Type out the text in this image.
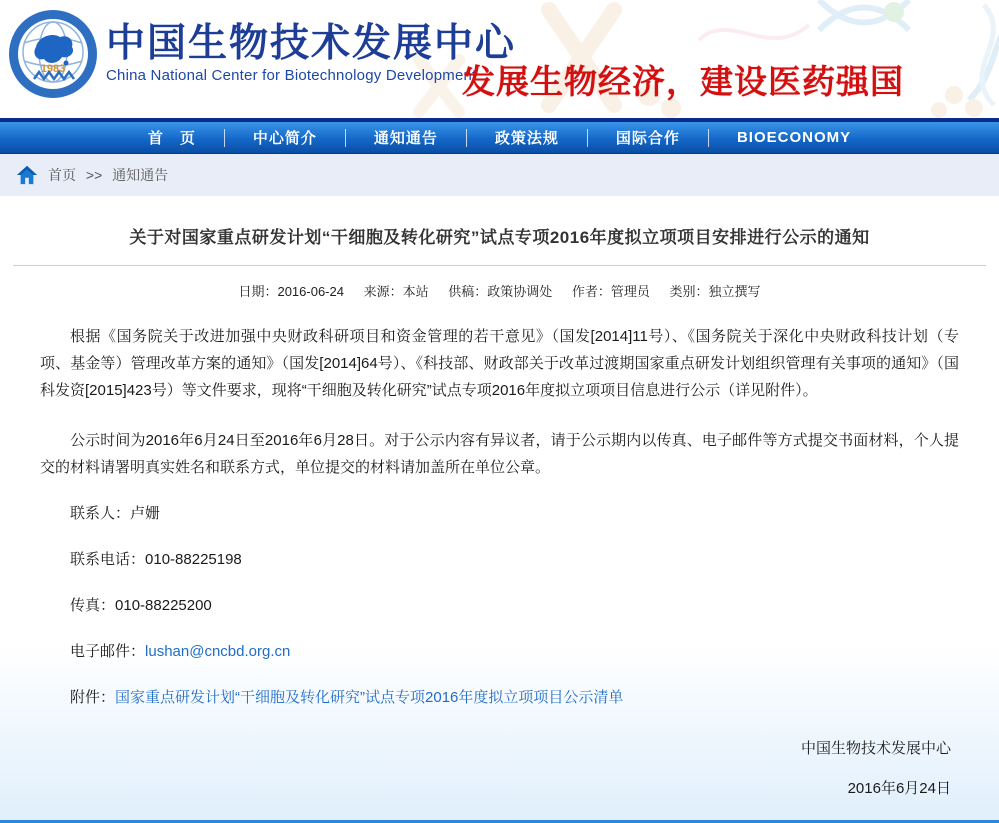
1983
中国生物技术发展中心
China National Center for Biotechnology Development
发展生物经济，建设医药强国
首　页	中心简介	通知通告	政策法规	国际合作	BIOECONOMY
首页 >> 通知通告
关于对国家重点研发计划“干细胞及转化研究”试点专项2016年度拟立项项目安排进行公示的通知
日期：2016-06-24 来源：本站 供稿：政策协调处 作者：管理员 类别：独立撰写

根据《国务院关于改进加强中央财政科研项目和资金管理的若干意见》（国发[2014]11号）、《国务院关于深化中央财政科技计划（专项、基金等）管理改革方案的通知》（国发[2014]64号）、《科技部、财政部关于改革过渡期国家重点研发计划组织管理有关事项的通知》（国科发资[2015]423号）等文件要求，现将“干细胞及转化研究”试点专项2016年度拟立项项目信息进行公示（详见附件）。

公示时间为2016年6月24日至2016年6月28日。对于公示内容有异议者，请于公示期内以传真、电子邮件等方式提交书面材料，个人提交的材料请署明真实姓名和联系方式，单位提交的材料请加盖所在单位公章。

联系人：卢姗
联系电话：010-88225198
传真：010-88225200
电子邮件：lushan@cncbd.org.cn
附件：国家重点研发计划“干细胞及转化研究”试点专项2016年度拟立项项目公示清单
中国生物技术发展中心
2016年6月24日
